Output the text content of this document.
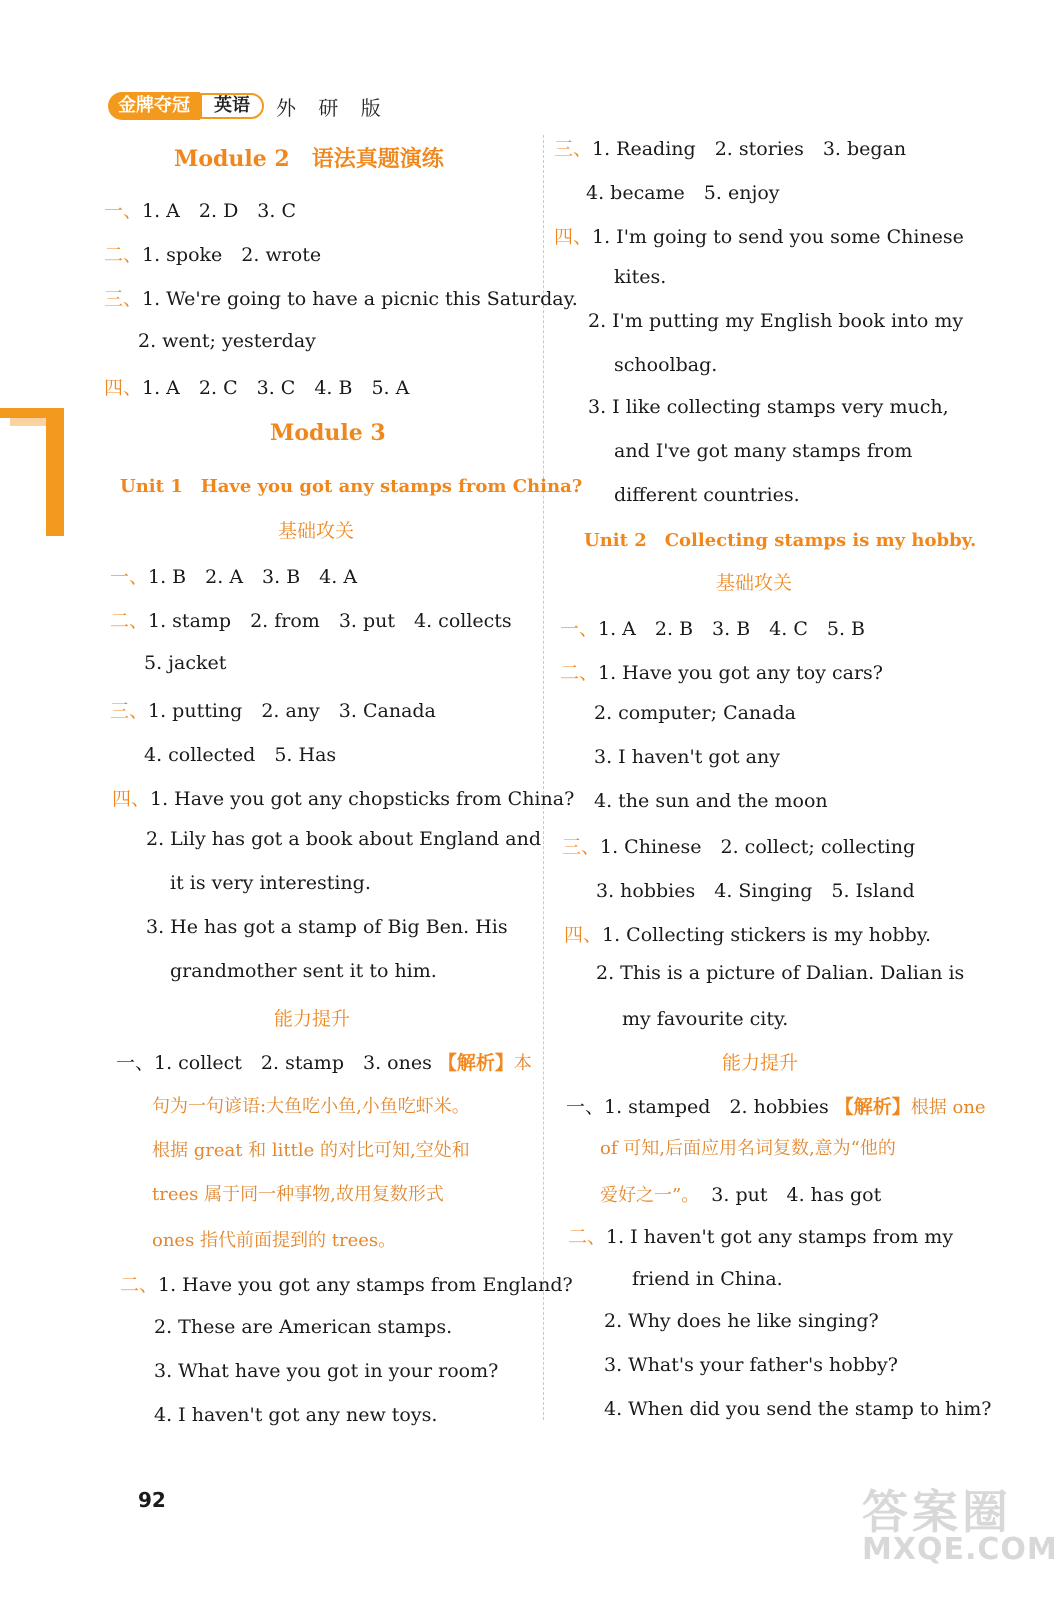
金牌夺冠	英语	外 研 版
Module 2　语法真题演练
一、1. A　2. D　3. C
二、1. spoke　2. wrote
三、1. We're going to have a picnic this Saturday.
2. went; yesterday
四、1. A　2. C　3. C　4. B　5. A
Module 3
Unit 1　Have you got any stamps from China?
基础攻关
一、1. B　2. A　3. B　4. A
二、1. stamp　2. from　3. put　4. collects
5. jacket
三、1. putting　2. any　3. Canada
4. collected　5. Has
四、1. Have you got any chopsticks from China?
2. Lily has got a book about England and
it is very interesting.
3. He has got a stamp of Big Ben. His
grandmother sent it to him.
能力提升
一、1. collect　2. stamp　3. ones 【解析】本
句为一句谚语:大鱼吃小鱼,小鱼吃虾米。
根据 great 和 little 的对比可知,空处和
trees 属于同一种事物,故用复数形式
ones 指代前面提到的 trees。
二、1. Have you got any stamps from England?
2. These are American stamps.
3. What have you got in your room?
4. I haven't got any new toys.
三、1. Reading　2. stories　3. began
4. became　5. enjoy
四、1. I'm going to send you some Chinese
kites.
2. I'm putting my English book into my
schoolbag.
3. I like collecting stamps very much,
and I've got many stamps from
different countries.
Unit 2　Collecting stamps is my hobby.
基础攻关
一、1. A　2. B　3. B　4. C　5. B
二、1. Have you got any toy cars?
2. computer; Canada
3. I haven't got any
4. the sun and the moon
三、1. Chinese　2. collect; collecting
3. hobbies　4. Singing　5. Island
四、1. Collecting stickers is my hobby.
2. This is a picture of Dalian. Dalian is
my favourite city.
能力提升
一、1. stamped　2. hobbies 【解析】根据 one
of 可知,后面应用名词复数,意为“他的
爱好之一”。 3. put　4. has got
二、1. I haven't got any stamps from my
friend in China.
2. Why does he like singing?
3. What's your father's hobby?
4. When did you send the stamp to him?
92	答案圈
MXQE.COM
